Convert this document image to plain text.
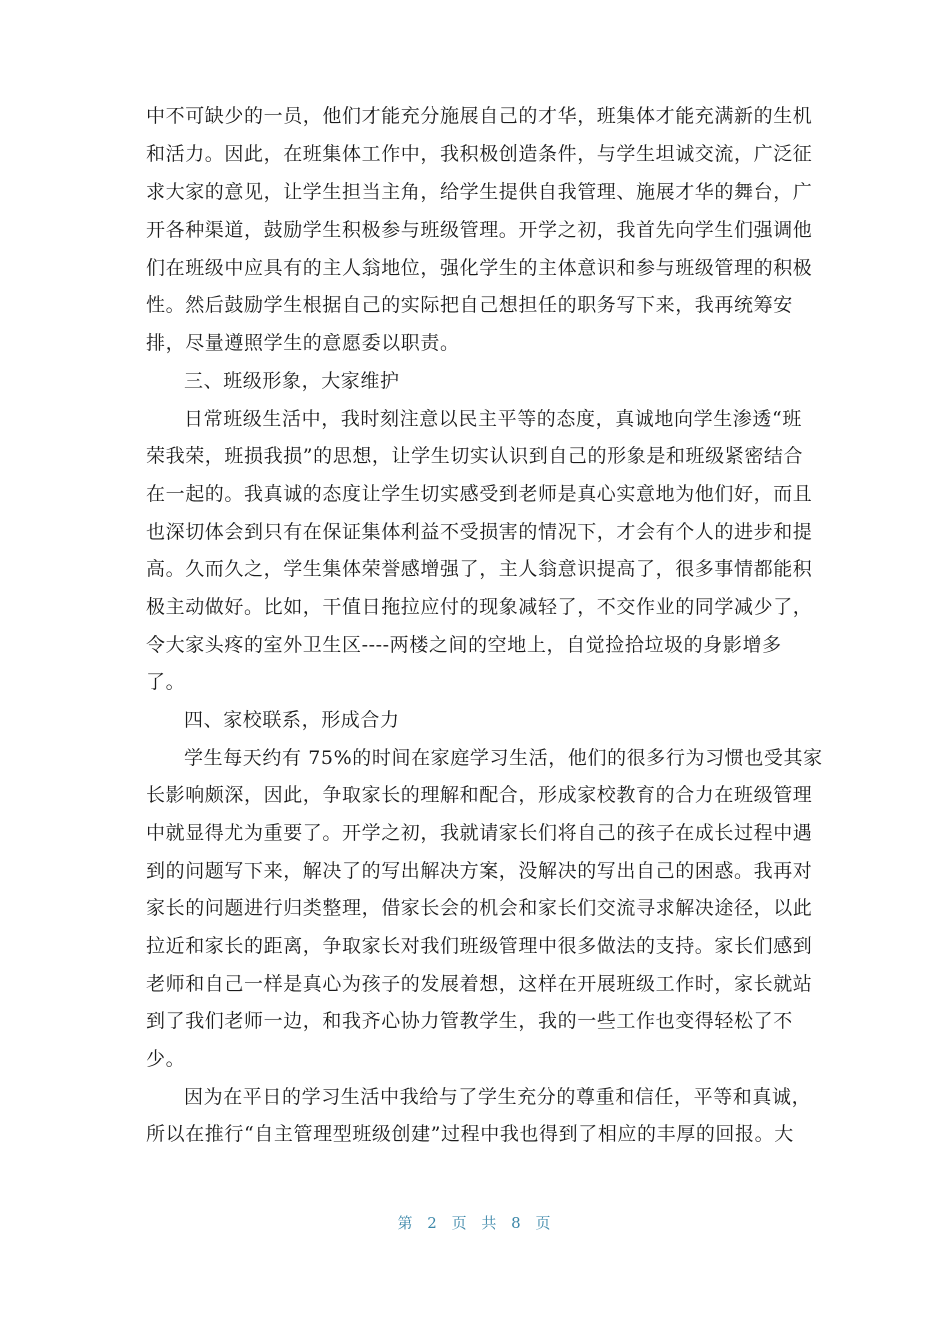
中不可缺少的一员，他们才能充分施展自己的才华，班集体才能充满新的生机
和活力。因此，在班集体工作中，我积极创造条件，与学生坦诚交流，广泛征
求大家的意见，让学生担当主角，给学生提供自我管理、施展才华的舞台，广
开各种渠道，鼓励学生积极参与班级管理。开学之初，我首先向学生们强调他
们在班级中应具有的主人翁地位，强化学生的主体意识和参与班级管理的积极
性。然后鼓励学生根据自己的实际把自己想担任的职务写下来，我再统筹安
排，尽量遵照学生的意愿委以职责。
三、班级形象，大家维护
日常班级生活中，我时刻注意以民主平等的态度，真诚地向学生渗透“班
荣我荣，班损我损”的思想，让学生切实认识到自己的形象是和班级紧密结合
在一起的。我真诚的态度让学生切实感受到老师是真心实意地为他们好，而且
也深切体会到只有在保证集体利益不受损害的情况下，才会有个人的进步和提
高。久而久之，学生集体荣誉感增强了，主人翁意识提高了，很多事情都能积
极主动做好。比如，干值日拖拉应付的现象减轻了，不交作业的同学减少了，
令大家头疼的室外卫生区----两楼之间的空地上，自觉捡拾垃圾的身影增多
了。
四、家校联系，形成合力
学生每天约有 75%的时间在家庭学习生活，他们的很多行为习惯也受其家
长影响颇深，因此，争取家长的理解和配合，形成家校教育的合力在班级管理
中就显得尤为重要了。开学之初，我就请家长们将自己的孩子在成长过程中遇
到的问题写下来，解决了的写出解决方案，没解决的写出自己的困惑。我再对
家长的问题进行归类整理，借家长会的机会和家长们交流寻求解决途径，以此
拉近和家长的距离，争取家长对我们班级管理中很多做法的支持。家长们感到
老师和自己一样是真心为孩子的发展着想，这样在开展班级工作时，家长就站
到了我们老师一边，和我齐心协力管教学生，我的一些工作也变得轻松了不
少。
因为在平日的学习生活中我给与了学生充分的尊重和信任，平等和真诚，
所以在推行“自主管理型班级创建”过程中我也得到了相应的丰厚的回报。大
第 2 页 共 8 页
